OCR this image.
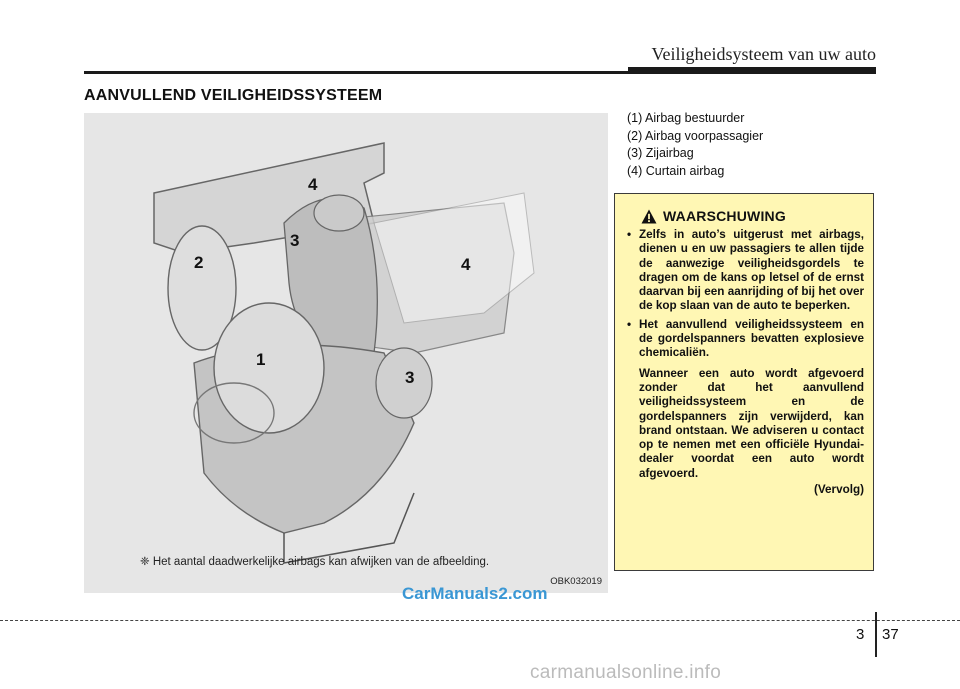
Veiligheidsysteem van uw auto
AANVULLEND VEILIGHEIDSSYSTEEM
4
3
2	4
1
3
❈ Het aantal daadwerkelijke airbags kan afwijken van de afbeelding.
OBK032019
CarManuals2.com
(1) Airbag bestuurder
(2) Airbag voorpassagier
(3) Zijairbag
(4) Curtain airbag
WAARSCHUWING
• Zelfs in auto’s uitgerust met airbags, dienen u en uw passagiers te allen tijde de aanwezige veiligheidsgordels te dragen om de kans op letsel of de ernst daarvan bij een aanrijding of bij het over de kop slaan van de auto te beperken.
• Het aanvullend veiligheidssysteem en de gordelspanners bevatten explosieve chemicaliën.
Wanneer een auto wordt afgevoerd zonder dat het aanvullend veiligheidssysteem en de gordelspanners zijn verwijderd, kan brand ontstaan. We adviseren u contact op te nemen met een officiële Hyundai-dealer voordat een auto wordt afgevoerd.
(Vervolg)
3 37
carmanualsonline.info
